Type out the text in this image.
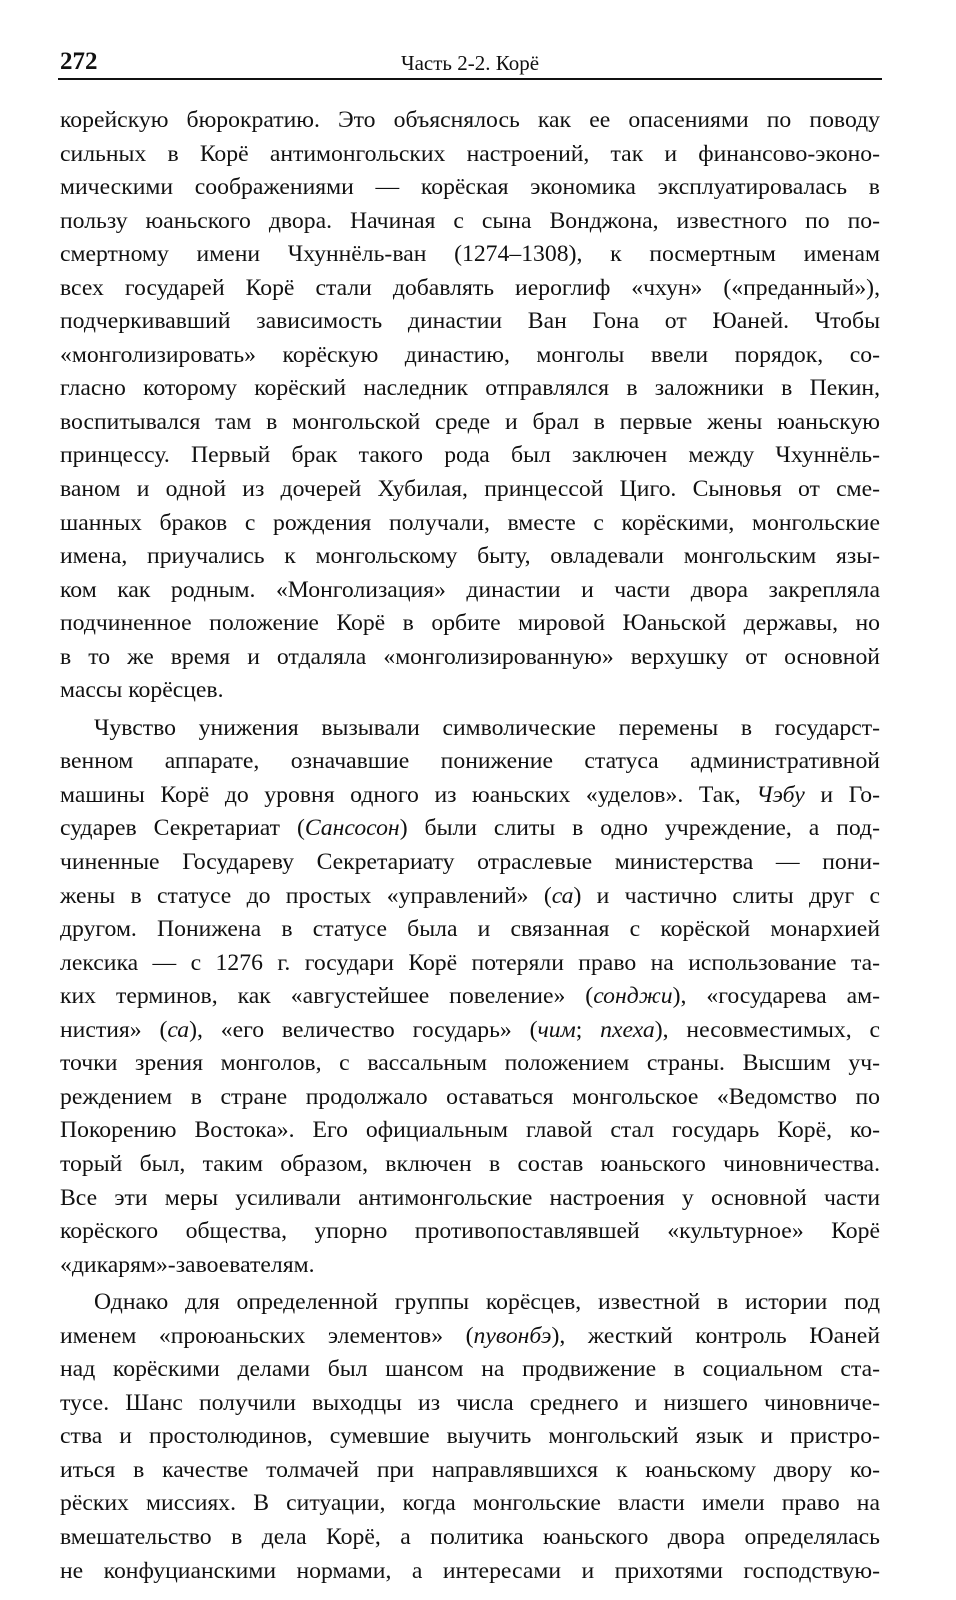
272	Часть 2-2. Корё
корейскую бюрократию. Это объяснялось как ее опасениями по поводу
сильных в Корё антимонгольских настроений, так и финансово-эконо-
мическими соображениями — корёская экономика эксплуатировалась в
пользу юаньского двора. Начиная с сына Вонджона, известного по по-
смертному имени Чхуннёль-ван (1274–1308), к посмертным именам
всех государей Корё стали добавлять иероглиф «чхун» («преданный»),
подчеркивавший зависимость династии Ван Гона от Юаней. Чтобы
«монголизировать» корёскую династию, монголы ввели порядок, со-
гласно которому корёский наследник отправлялся в заложники в Пекин,
воспитывался там в монгольской среде и брал в первые жены юаньскую
принцессу. Первый брак такого рода был заключен между Чхуннёль-
ваном и одной из дочерей Хубилая, принцессой Циго. Сыновья от сме-
шанных браков с рождения получали, вместе с корёскими, монгольские
имена, приучались к монгольскому быту, овладевали монгольским язы-
ком как родным. «Монголизация» династии и части двора закрепляла
подчиненное положение Корё в орбите мировой Юаньской державы, но
в то же время и отдаляла «монголизированную» верхушку от основной
массы корёсцев.
Чувство унижения вызывали символические перемены в государст-
венном аппарате, означавшие понижение статуса административной
машины Корё до уровня одного из юаньских «уделов». Так, Чэбу и Го-
сударев Секретариат (Сансосон) были слиты в одно учреждение, а под-
чиненные Государеву Секретариату отраслевые министерства — пони-
жены в статусе до простых «управлений» (са) и частично слиты друг с
другом. Понижена в статусе была и связанная с корёской монархией
лексика — с 1276 г. государи Корё потеряли право на использование та-
ких терминов, как «августейшее повеление» (сонджи), «государева ам-
нистия» (са), «его величество государь» (чим; пхеха), несовместимых, с
точки зрения монголов, с вассальным положением страны. Высшим уч-
реждением в стране продолжало оставаться монгольское «Ведомство по
Покорению Востока». Его официальным главой стал государь Корё, ко-
торый был, таким образом, включен в состав юаньского чиновничества.
Все эти меры усиливали антимонгольские настроения у основной части
корёского общества, упорно противопоставлявшей «культурное» Корё
«дикарям»-завоевателям.
Однако для определенной группы корёсцев, известной в истории под
именем «проюаньских элементов» (пувонбэ), жесткий контроль Юаней
над корёскими делами был шансом на продвижение в социальном ста-
тусе. Шанс получили выходцы из числа среднего и низшего чиновниче-
ства и простолюдинов, сумевшие выучить монгольский язык и пристро-
иться в качестве толмачей при направлявшихся к юаньскому двору ко-
рёских миссиях. В ситуации, когда монгольские власти имели право на
вмешательство в дела Корё, а политика юаньского двора определялась
не конфуцианскими нормами, а интересами и прихотями господствую-
